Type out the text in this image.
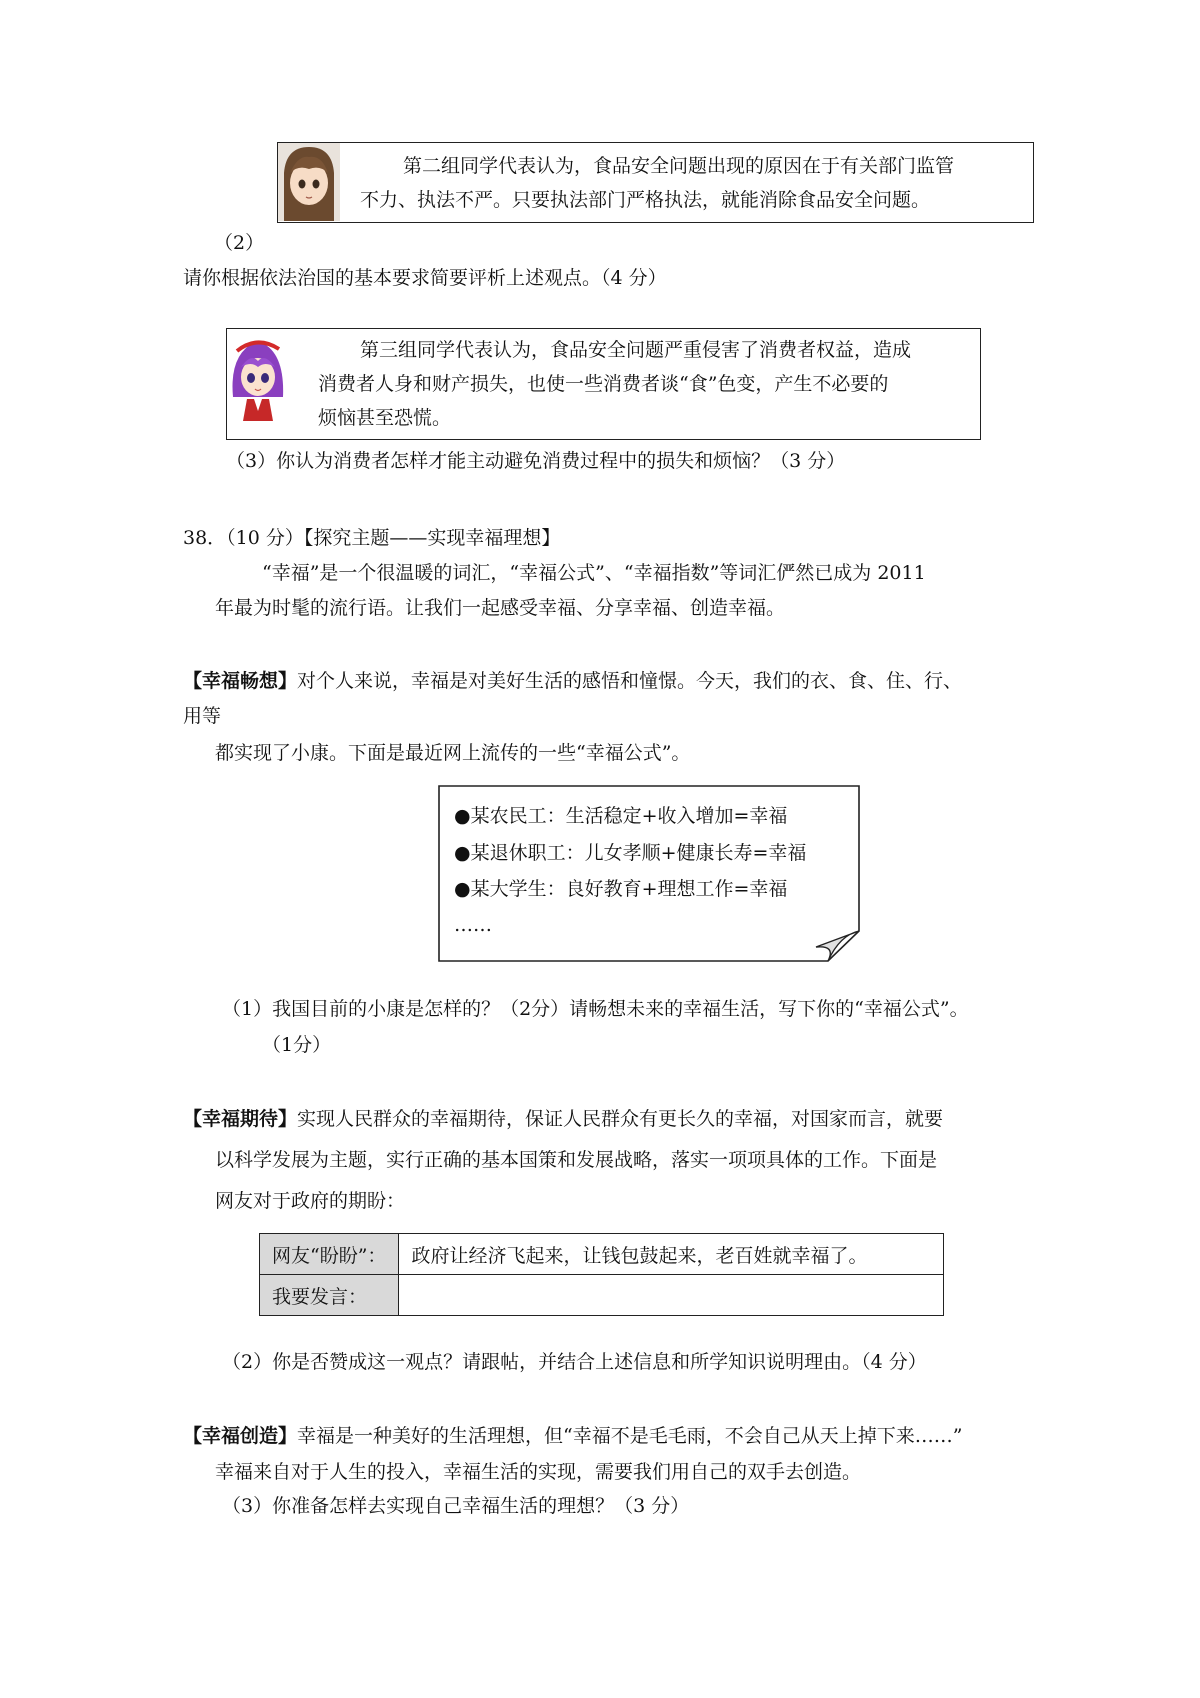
第二组同学代表认为，食品安全问题出现的原因在于有关部门监管
不力、执法不严。只要执法部门严格执法，就能消除食品安全问题。
（2）
请你根据依法治国的基本要求简要评析上述观点。（4 分）
第三组同学代表认为，食品安全问题严重侵害了消费者权益，造成
消费者人身和财产损失，也使一些消费者谈“食”色变，产生不必要的
烦恼甚至恐慌。
（3）你认为消费者怎样才能主动避免消费过程中的损失和烦恼？（3 分）
38．（10 分）【探究主题——实现幸福理想】
“幸福”是一个很温暖的词汇，“幸福公式”、“幸福指数”等词汇俨然已成为 2011
年最为时髦的流行语。让我们一起感受幸福、分享幸福、创造幸福。
【幸福畅想】对个人来说，幸福是对美好生活的感悟和憧憬。今天，我们的衣、食、住、行、
用等
都实现了小康。下面是最近网上流传的一些“幸福公式”。
●某农民工：生活稳定+收入增加=幸福
●某退休职工：儿女孝顺+健康长寿=幸福
●某大学生：良好教育+理想工作=幸福
……
（1）我国目前的小康是怎样的？（2分）请畅想未来的幸福生活，写下你的“幸福公式”。
（1分）
【幸福期待】实现人民群众的幸福期待，保证人民群众有更长久的幸福，对国家而言，就要
以科学发展为主题，实行正确的基本国策和发展战略，落实一项项具体的工作。下面是
网友对于政府的期盼：
网友“盼盼”：	政府让经济飞起来，让钱包鼓起来，老百姓就幸福了。
我要发言：	
（2）你是否赞成这一观点？请跟帖，并结合上述信息和所学知识说明理由。（4 分）
【幸福创造】幸福是一种美好的生活理想，但“幸福不是毛毛雨，不会自己从天上掉下来……”
幸福来自对于人生的投入，幸福生活的实现，需要我们用自己的双手去创造。
（3）你准备怎样去实现自己幸福生活的理想？（3 分）
